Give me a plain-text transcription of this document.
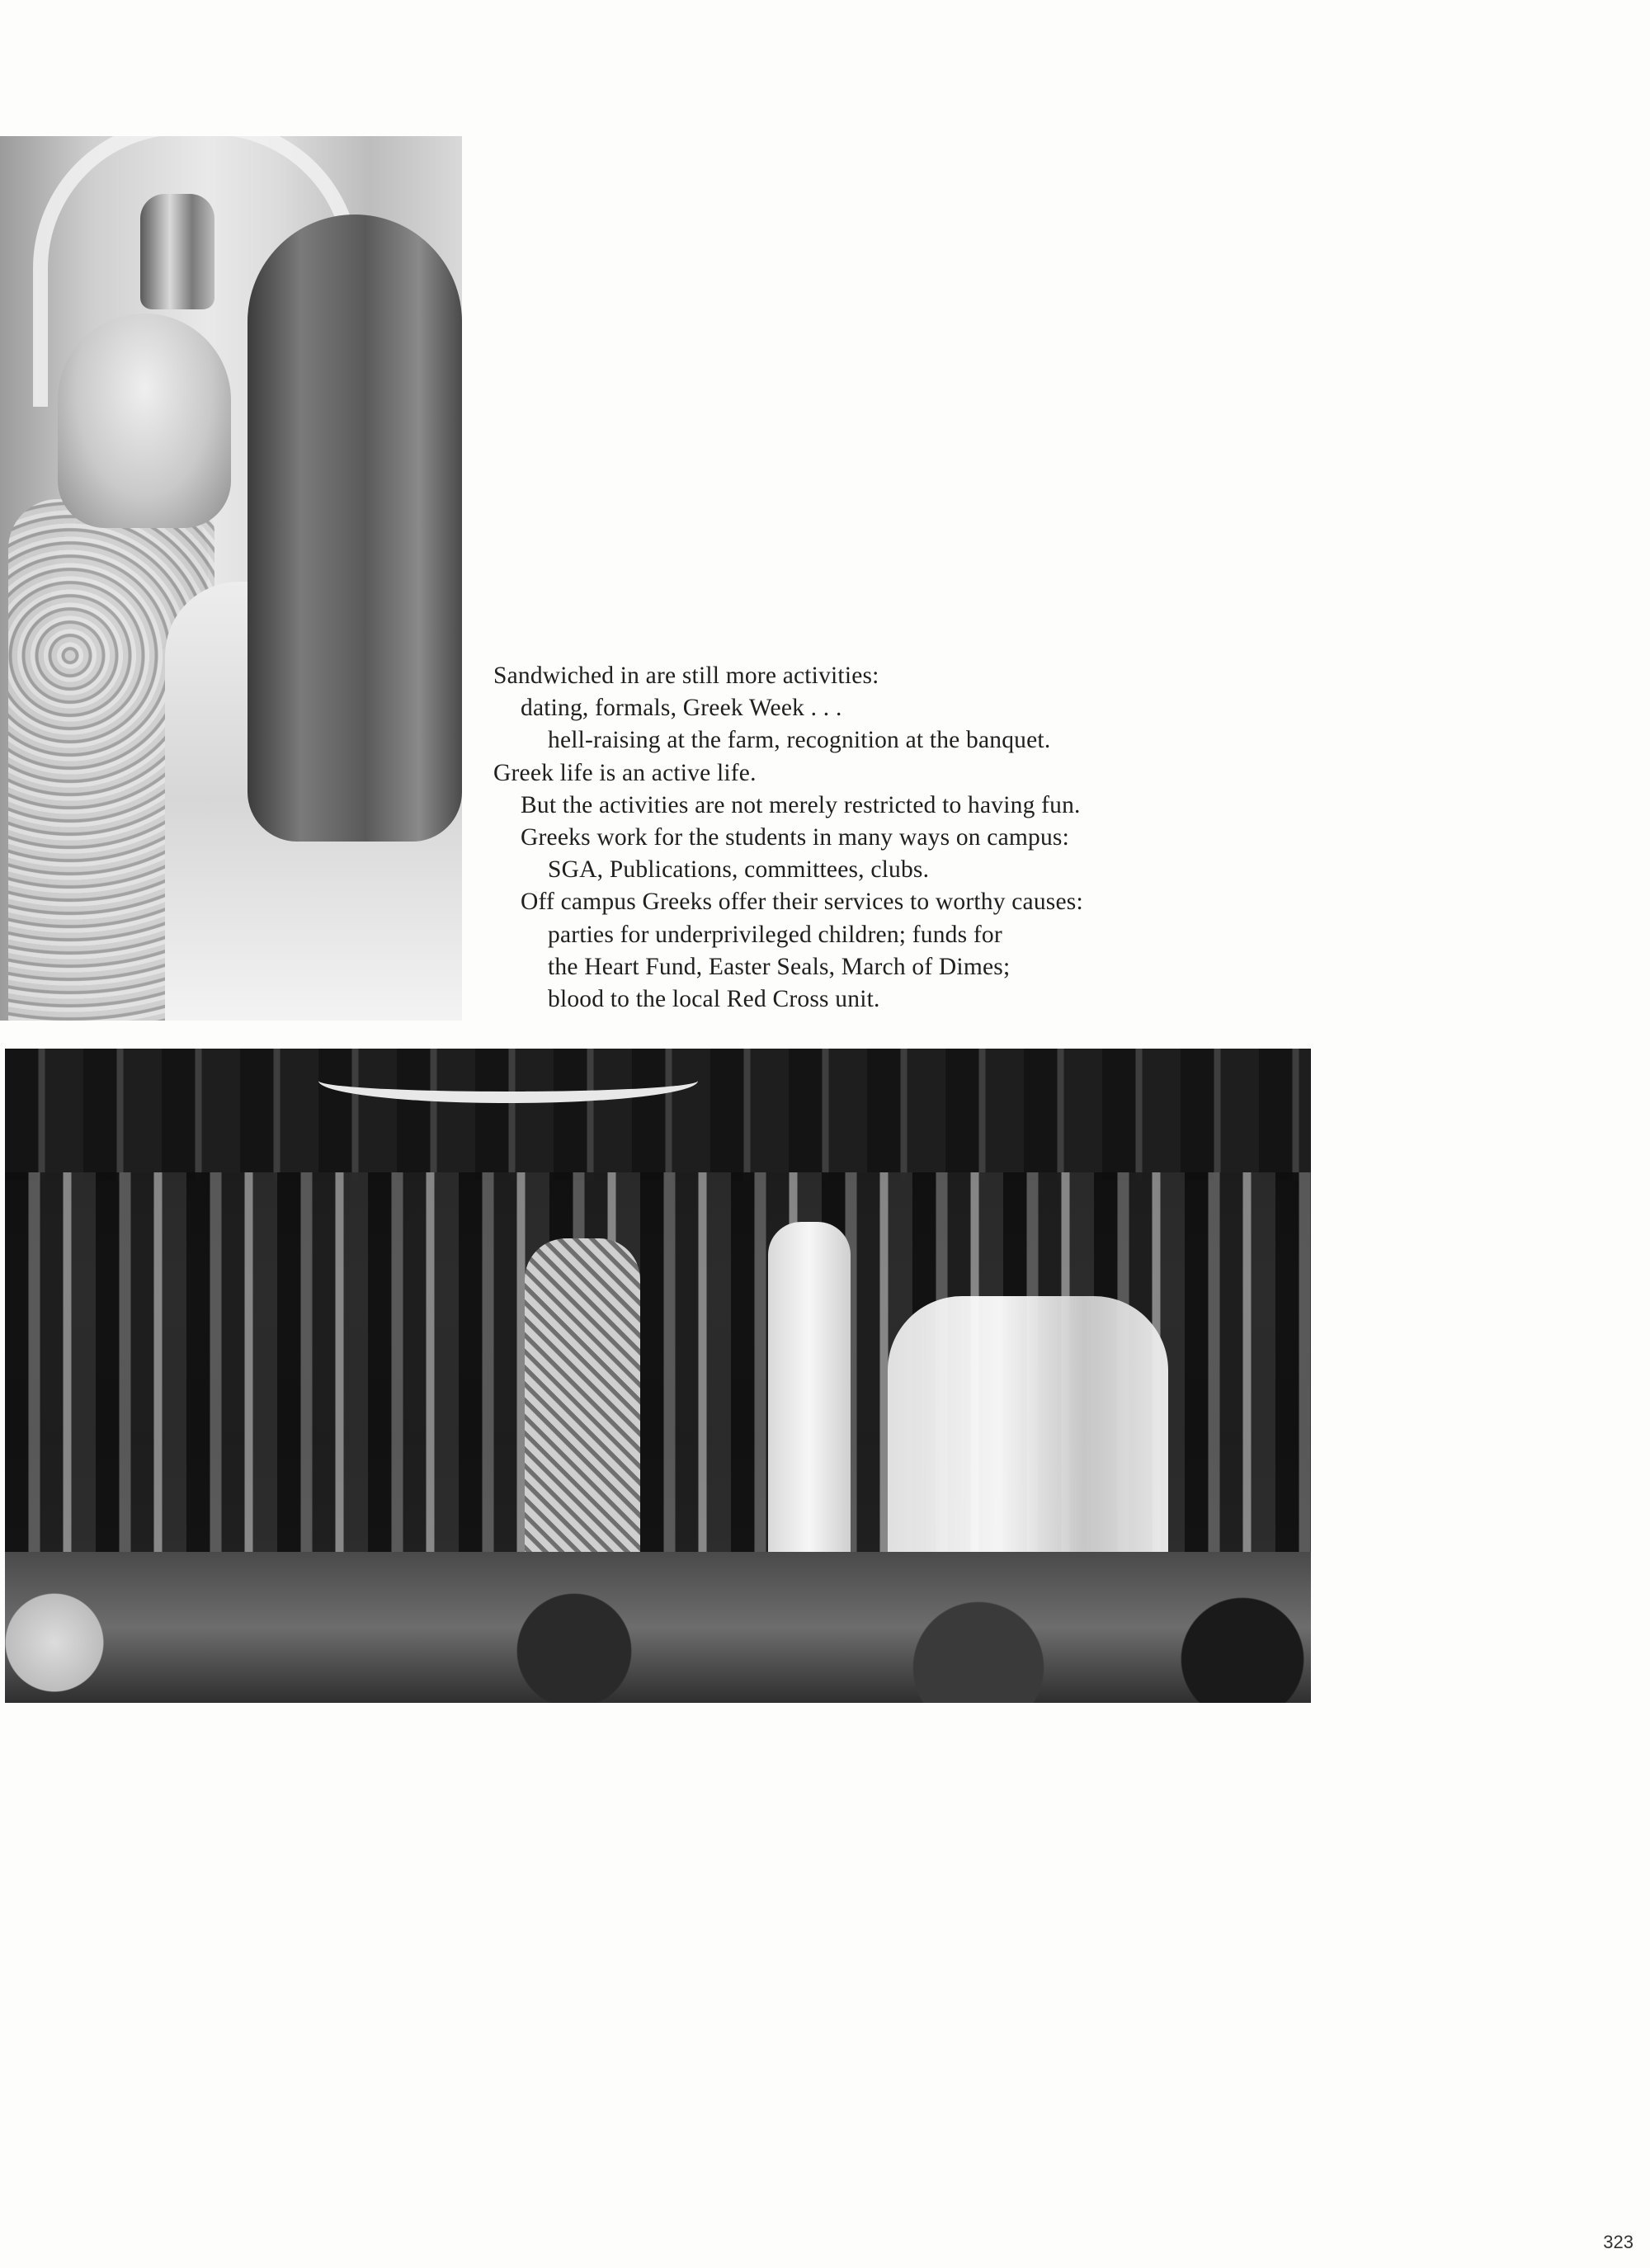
Sandwiched in are still more activities:
dating, formals, Greek Week . . .
hell-raising at the farm, recognition at the banquet.
Greek life is an active life.
But the activities are not merely restricted to having fun.
Greeks work for the students in many ways on campus:
SGA, Publications, committees, clubs.
Off campus Greeks offer their services to worthy causes:
parties for underprivileged children; funds for
the Heart Fund, Easter Seals, March of Dimes;
blood to the local Red Cross unit.
323
